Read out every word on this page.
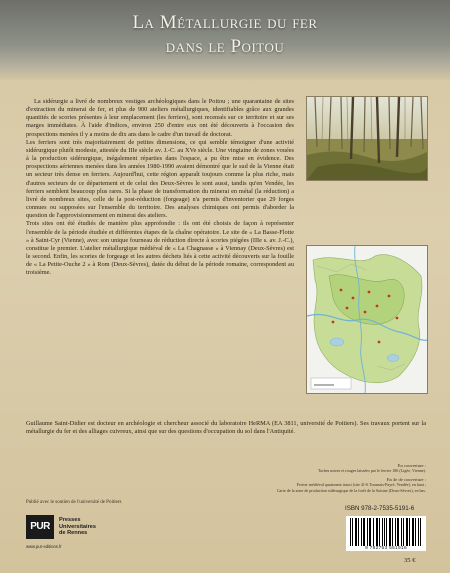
La Métallurgie du fer
dans le Poitou

La sidérurgie a livré de nombreux vestiges archéologiques dans le Poitou ; une quarantaine de sites d'extraction du minerai de fer, et plus de 900 ateliers métallurgiques, identifiables grâce aux grandes quantités de scories présentes à leur emplacement (les ferriers), sont recensés sur ce territoire et sur ses marges immédiates. À l'aide d'indices, environ 250 d'entre eux ont été découverts à l'occasion des prospections menées il y a moins de dix ans dans le cadre d'un travail de doctorat.

Les ferriers sont très majoritairement de petites dimensions, ce qui semble témoigner d'une activité sidérurgique plutôt modeste, attestée du IIIe siècle av. J.-C. au XVe siècle. Une vingtaine de zones vouées à la production sidérurgique, inégalement réparties dans l'espace, a pu être mise en évidence. Des prospections aériennes menées dans les années 1980-1990 avaient démontré que le sud de la Vienne était un secteur très dense en ferriers. Aujourd'hui, cette région apparaît toujours comme la plus riche, mais d'autres secteurs de ce département et de celui des Deux-Sèvres le sont aussi, tandis qu'en Vendée, les ferriers semblent beaucoup plus rares. Si la phase de transformation du minerai en métal (la réduction) a livré de nombreux sites, celle de la post-réduction (forgeage) n'a permis d'inventorier que 29 forges connues ou supposées sur l'ensemble du territoire. Des analyses chimiques ont permis d'aborder la question de l'approvisionnement en minerai des ateliers.

Trois sites ont été étudiés de manière plus approfondie : ils ont été choisis de façon à représenter l'ensemble de la période étudiée et différentes étapes de la chaîne opératoire. Le site de « La Basse-Flotte » à Saint-Cyr (Vienne), avec son unique fourneau de réduction directe à scories piégées (IIIe s. av. J.-C.), constitue le premier. L'atelier métallurgique médiéval de « La Chagnasse » à Viennay (Deux-Sèvres) est le second. Enfin, les scories de forgeage et les autres déchets liés à cette activité découverts sur la fouille de « La Petite-Ouche 2 » à Rom (Deux-Sèvres), datée du début de la période romaine, correspondent au troisième.

Guillaume Saint-Didier est docteur en archéologie et chercheur associé du laboratoire HeRMA (EA 3811, université de Poitiers). Ses travaux portent sur la métallurgie du fer et des alliages cuivreux, ainsi que sur des questions d'occupation du sol dans l'Antiquité.
En couverture :
Taches noires et rouges laissées par le ferrier 186 (Ligée, Vienne).
En 4e de couverture :
Ferrier médiéval quasiment intact (site 41-6 Tousnais-Payré, Vendée), en haut ;
Carte de la zone de production sidérurgique de la forêt de la Saisine (Deux-Sèvres), en bas.
Publié avec le soutien de l'université de Poitiers
PUR
Presses
Universitaires
de Rennes
www.pur-editions.fr
ISBN 978-2-7535-5191-6
9 782753 551916
35 €
